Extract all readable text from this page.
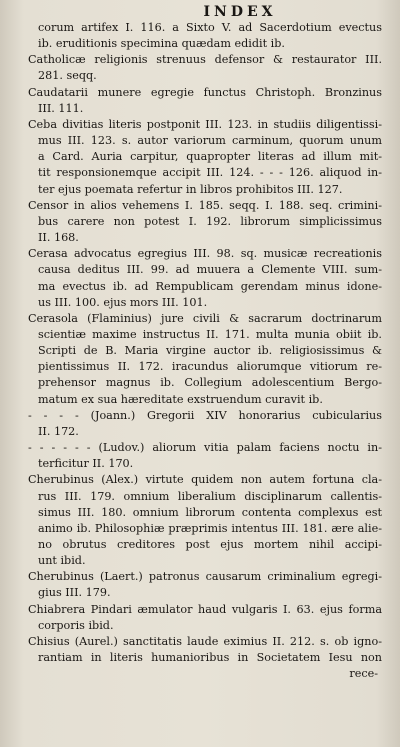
INDEX
corum artifex I. 116. a Sixto V. ad Sacerdotium evectus
ib. eruditionis specimina quædam edidit ib.
Catholicæ religionis strenuus defensor & restaurator III.
281. seqq.
Caudatarii munere egregie functus Christoph. Bronzinus
III. 111.
Ceba divitias literis postponit III. 123. in studiis diligentissi-
mus III. 123. s. autor variorum carminum, quorum unum
a Card. Auria carpitur, quapropter literas ad illum mit-
tit responsionemque accipit III. 124. - - - 126. aliquod in-
ter ejus poemata refertur in libros prohibitos III. 127.
Censor in alios vehemens I. 185. seqq. I. 188. seq. crimini-
bus carere non potest I. 192. librorum simplicissimus
II. 168.
Cerasa advocatus egregius III. 98. sq. musicæ recreationis
causa deditus III. 99. ad muuera a Clemente VIII. sum-
ma evectus ib. ad Rempublicam gerendam minus idone-
us III. 100. ejus mors III. 101.
Cerasola (Flaminius) jure civili & sacrarum doctrinarum
scientiæ maxime instructus II. 171. multa munia obiit ib.
Scripti de B. Maria virgine auctor ib. religiosissimus &
pientissimus II. 172. iracundus aliorumque vitiorum re-
prehensor magnus ib. Collegium adolescentium Bergo-
matum ex sua hæreditate exstruendum curavit ib.
- - - - (Joann.) Gregorii XIV honorarius cubicularius
II. 172.
- - - - - - (Ludov.) aliorum vitia palam faciens noctu in-
terficitur II. 170.
Cherubinus (Alex.) virtute quidem non autem fortuna cla-
rus III. 179. omnium liberalium disciplinarum callentis-
simus III. 180. omnium librorum contenta complexus est
animo ib. Philosophiæ præprimis intentus III. 181. ære alie-
no obrutus creditores post ejus mortem nihil accipi-
unt ibid.
Cherubinus (Laert.) patronus causarum criminalium egregi-
gius III. 179.
Chiabrera Pindari æmulator haud vulgaris I. 63. ejus forma
corporis ibid.
Chisius (Aurel.) sanctitatis laude eximius II. 212. s. ob igno-
rantiam in literis humanioribus in Societatem Iesu non
rece-
